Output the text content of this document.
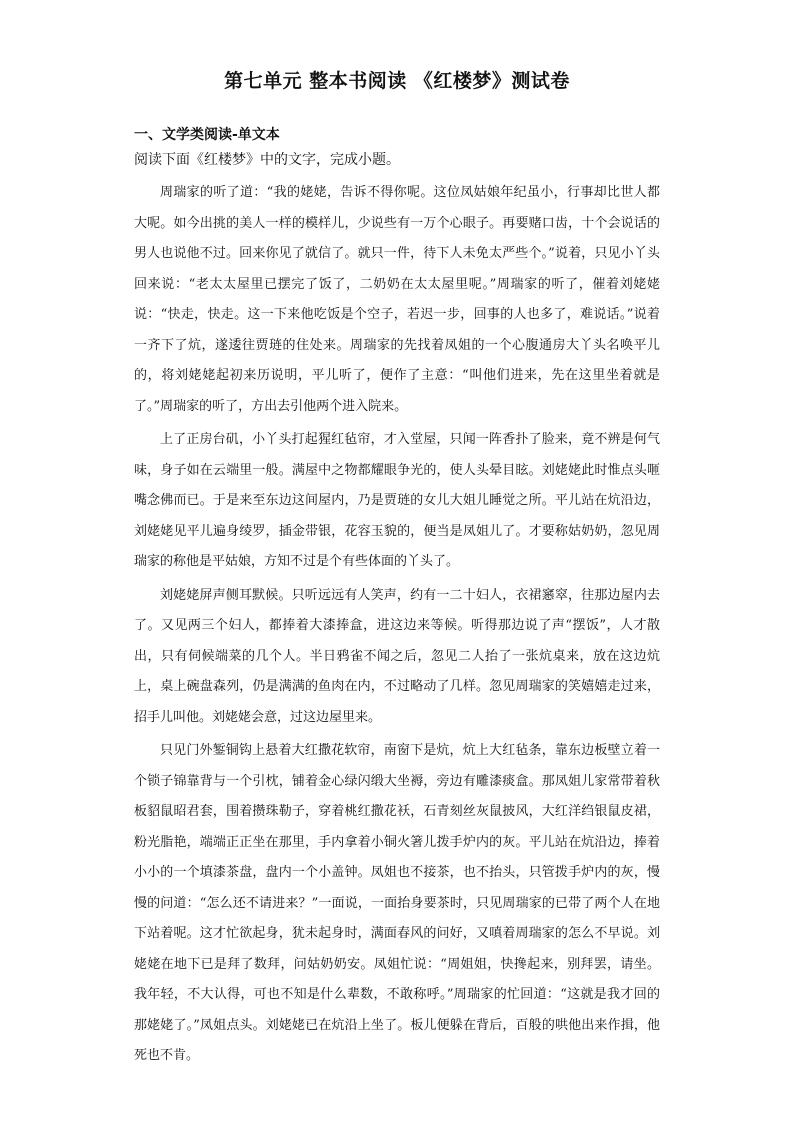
第七单元 整本书阅读 《红楼梦》测试卷
一、文学类阅读-单文本
阅读下面《红楼梦》中的文字，完成小题。

周瑞家的听了道：“我的姥姥，告诉不得你呢。这位凤姑娘年纪虽小，行事却比世人都大呢。如今出挑的美人一样的模样儿，少说些有一万个心眼子。再要赌口齿，十个会说话的男人也说他不过。回来你见了就信了。就只一件，待下人未免太严些个。”说着，只见小丫头回来说：“老太太屋里已摆完了饭了，二奶奶在太太屋里呢。”周瑞家的听了，催着刘姥姥说：“快走，快走。这一下来他吃饭是个空子，若迟一步，回事的人也多了，难说话。”说着一齐下了炕，遂逶往贾琏的住处来。周瑞家的先找着凤姐的一个心腹通房大丫头名唤平儿的，将刘姥姥起初来历说明，平儿听了，便作了主意：“叫他们进来，先在这里坐着就是了。”周瑞家的听了，方出去引他两个进入院来。

上了正房台矶，小丫头打起猩红毡帘，才入堂屋，只闻一阵香扑了脸来，竟不辨是何气味，身子如在云端里一般。满屋中之物都耀眼争光的，使人头晕目眩。刘姥姥此时惟点头咂嘴念佛而已。于是来至东边这间屋内，乃是贾琏的女儿大姐儿睡觉之所。平儿站在炕沿边，刘姥姥见平儿遍身绫罗，插金带银，花容玉貌的，便当是凤姐儿了。才要称姑奶奶，忽见周瑞家的称他是平姑娘，方知不过是个有些体面的丫头了。

刘姥姥屏声侧耳默候。只听远远有人笑声，约有一二十妇人，衣裙窸窣，往那边屋内去了。又见两三个妇人，都捧着大漆捧盒，进这边来等候。听得那边说了声“摆饭”，人才散出，只有伺候端菜的几个人。半日鸦雀不闻之后，忽见二人抬了一张炕桌来，放在这边炕上，桌上碗盘森列，仍是满满的鱼肉在内，不过略动了几样。忽见周瑞家的笑嬉嬉走过来，招手儿叫他。刘姥姥会意，过这边屋里来。

只见门外錾铜钩上悬着大红撒花软帘，南窗下是炕，炕上大红毡条，靠东边板壁立着一个锁子锦靠背与一个引枕，铺着金心绿闪缎大坐褥，旁边有雕漆痰盒。那凤姐儿家常带着秋板貂鼠昭君套，围着攒珠勒子，穿着桃红撒花袄，石青刻丝灰鼠披风，大红洋绉银鼠皮裙，粉光脂艳，端端正正坐在那里，手内拿着小铜火箸儿拨手炉内的灰。平儿站在炕沿边，捧着小小的一个填漆茶盘，盘内一个小盖钟。凤姐也不接茶，也不抬头，只管拨手炉内的灰，慢慢的问道：“怎么还不请进来？”一面说，一面抬身要茶时，只见周瑞家的已带了两个人在地下站着呢。这才忙欲起身，犹未起身时，满面春风的问好，又嗔着周瑞家的怎么不早说。刘姥姥在地下已是拜了数拜，问姑奶奶安。凤姐忙说：“周姐姐，快搀起来，别拜罢，请坐。我年轻，不大认得，可也不知是什么辈数，不敢称呼。”周瑞家的忙回道：“这就是我才回的那姥姥了。”凤姐点头。刘姥姥已在炕沿上坐了。板儿便躲在背后，百般的哄他出来作揖，他死也不肯。
